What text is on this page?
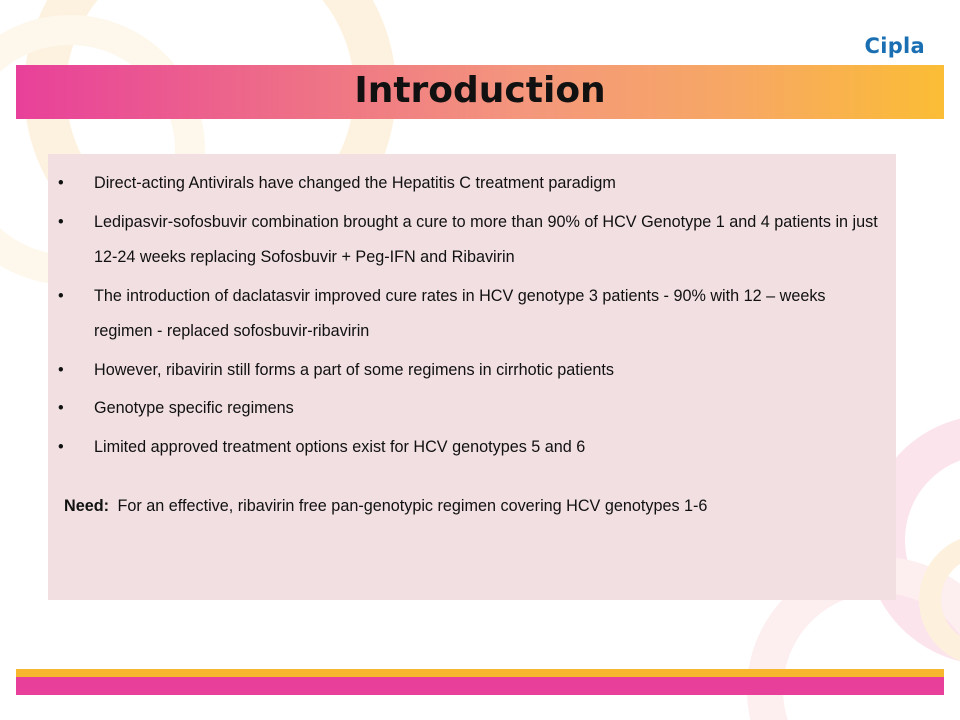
Cipla
Introduction
• Direct-acting Antivirals have changed the Hepatitis C treatment paradigm
• Ledipasvir-sofosbuvir combination brought a cure to more than 90% of HCV Genotype 1 and 4 patients in just 12-24 weeks replacing Sofosbuvir + Peg-IFN and Ribavirin
• The introduction of daclatasvir improved cure rates in HCV genotype 3 patients - 90% with 12 – weeks regimen - replaced sofosbuvir-ribavirin
• However, ribavirin still forms a part of some regimens in cirrhotic patients
• Genotype specific regimens
• Limited approved treatment options exist for HCV genotypes 5 and 6
Need: For an effective, ribavirin free pan-genotypic regimen covering HCV genotypes 1-6
